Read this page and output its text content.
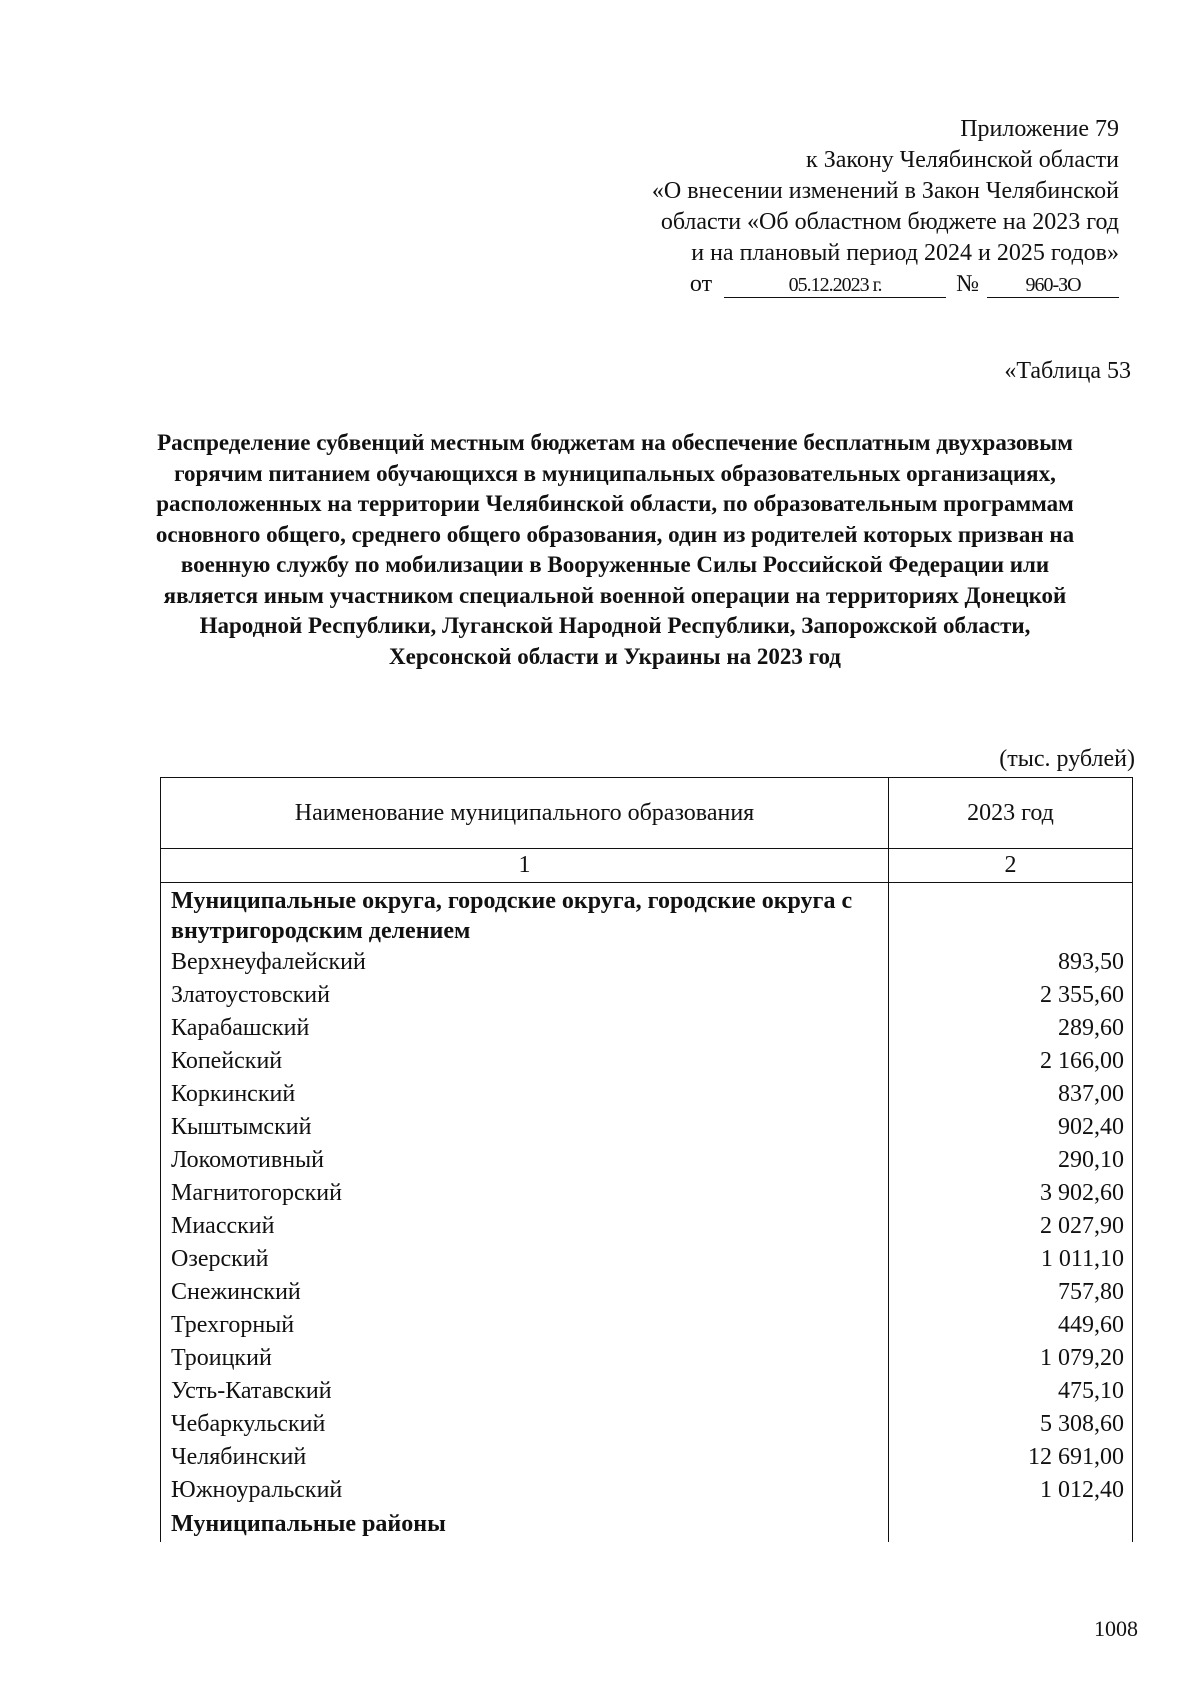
Приложение 79
к Закону Челябинской области
«О внесении изменений в Закон Челябинской
области «Об областном бюджете на 2023 год
и на плановый период 2024 и 2025 годов»
от	05.12.2023 г.	№ 960-ЗО
«Таблица 53
Распределение субвенций местным бюджетам на обеспечение бесплатным двухразовым горячим питанием обучающихся в муниципальных образовательных организациях, расположенных на территории Челябинской области, по образовательным программам основного общего, среднего общего образования, один из родителей которых призван на военную службу по мобилизации в Вооруженные Силы Российской Федерации или является иным участником специальной военной операции на территориях Донецкой Народной Республики, Луганской Народной Республики, Запорожской области, Херсонской области и Украины на 2023 год
(тыс. рублей)
Наименование муниципального образования	2023 год
1	2
Муниципальные округа, городские округа, городские округа с внутригородским делением	
Верхнеуфалейский	893,50
Златоустовский	2 355,60
Карабашский	289,60
Копейский	2 166,00
Коркинский	837,00
Кыштымский	902,40
Локомотивный	290,10
Магнитогорский	3 902,60
Миасский	2 027,90
Озерский	1 011,10
Снежинский	757,80
Трехгорный	449,60
Троицкий	1 079,20
Усть-Катавский	475,10
Чебаркульский	5 308,60
Челябинский	12 691,00
Южноуральский	1 012,40
Муниципальные районы	
1008
